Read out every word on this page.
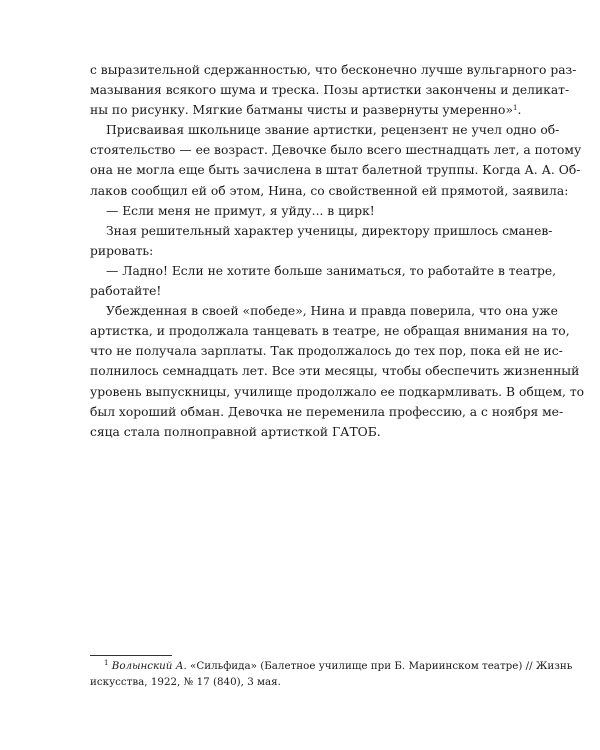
с выразительной сдержанностью, что бесконечно лучше вульгарного раз-
мазывания всякого шума и треска. Позы артистки закончены и деликат-
ны по рисунку. Мягкие батманы чисты и развернуты умеренно»$^1$.
Присваивая школьнице звание артистки, рецензент не учел одно об-
стоятельство — ее возраст. Девочке было всего шестнадцать лет, а потому
она не могла еще быть зачислена в штат балетной труппы. Когда А. А. Об-
лаков сообщил ей об этом, Нина, со свойственной ей прямотой, заявила:
— Если меня не примут, я уйду... в цирк!
Зная решительный характер ученицы, директору пришлось сманев-
рировать:
— Ладно! Если не хотите больше заниматься, то работайте в театре,
работайте!
Убежденная в своей «победе», Нина и правда поверила, что она уже
артистка, и продолжала танцевать в театре, не обращая внимания на то,
что не получала зарплаты. Так продолжалось до тех пор, пока ей не ис-
полнилось семнадцать лет. Все эти месяцы, чтобы обеспечить жизненный
уровень выпускницы, училище продолжало ее подкармливать. В общем, то
был хороший обман. Девочка не переменила профессию, а с ноября ме-
сяца стала полноправной артисткой ГАТОБ.
$^1$ Волынский А. «Сильфида» (Балетное училище при Б. Мариинском театре) // Жизнь
искусства, 1922, № 17 (840), 3 мая.
